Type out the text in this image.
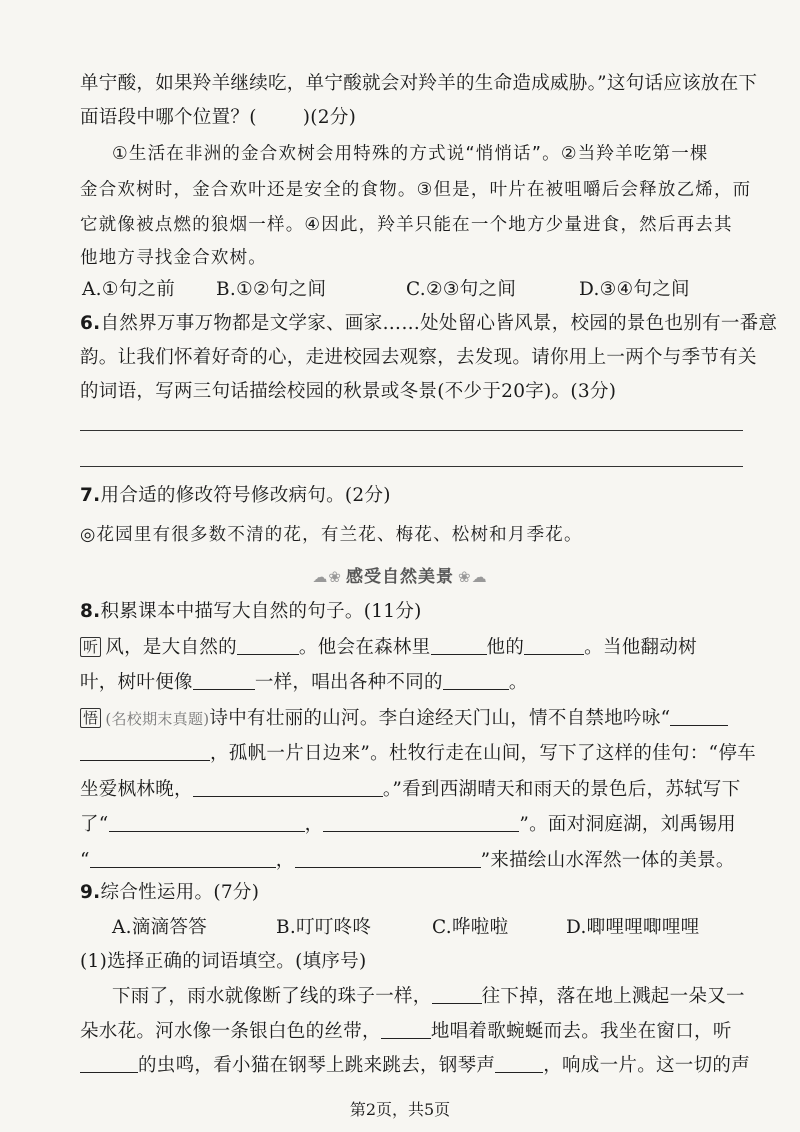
单宁酸，如果羚羊继续吃，单宁酸就会对羚羊的生命造成威胁。”这句话应该放在下
面语段中哪个位置？( )(2分)
①生活在非洲的金合欢树会用特殊的方式说“悄悄话”。②当羚羊吃第一棵
金合欢树时，金合欢叶还是安全的食物。③但是，叶片在被咀嚼后会释放乙烯，而
它就像被点燃的狼烟一样。④因此，羚羊只能在一个地方少量进食，然后再去其
他地方寻找金合欢树。
A.①句之前 B.①②句之间	C.②③句之间	D.③④句之间
6.自然界万事万物都是文学家、画家……处处留心皆风景，校园的景色也别有一番意
韵。让我们怀着好奇的心，走进校园去观察，去发现。请你用上一两个与季节有关
的词语，写两三句话描绘校园的秋景或冬景(不少于20字)。(3分)
7.用合适的修改符号修改病句。(2分)
◎花园里有很多数不清的花，有兰花、梅花、松树和月季花。
☁❀ 感受自然美景 ❀☁
8.积累课本中描写大自然的句子。(11分)
听 风，是大自然的	。他会在森林里	他的	。当他翻动树
叶，树叶便像	一样，唱出各种不同的	。
悟 (名校期末真题)诗中有壮丽的山河。李白途经天门山，情不自禁地吟咏“
，孤帆一片日边来”。杜牧行走在山间，写下了这样的佳句：“停车
坐爱枫林晚，	。”看到西湖晴天和雨天的景色后，苏轼写下
了“	，	”。面对洞庭湖，刘禹锡用
“	，	”来描绘山水浑然一体的美景。
9.综合性运用。(7分)
A.滴滴答答	B.叮叮咚咚	C.哗啦啦	D.唧哩哩唧哩哩
(1)选择正确的词语填空。(填序号)
下雨了，雨水就像断了线的珠子一样，	往下掉，落在地上溅起一朵又一
朵水花。河水像一条银白色的丝带，	地唱着歌蜿蜒而去。我坐在窗口，听
的虫鸣，看小猫在钢琴上跳来跳去，钢琴声	，响成一片。这一切的声
第2页，共5页
